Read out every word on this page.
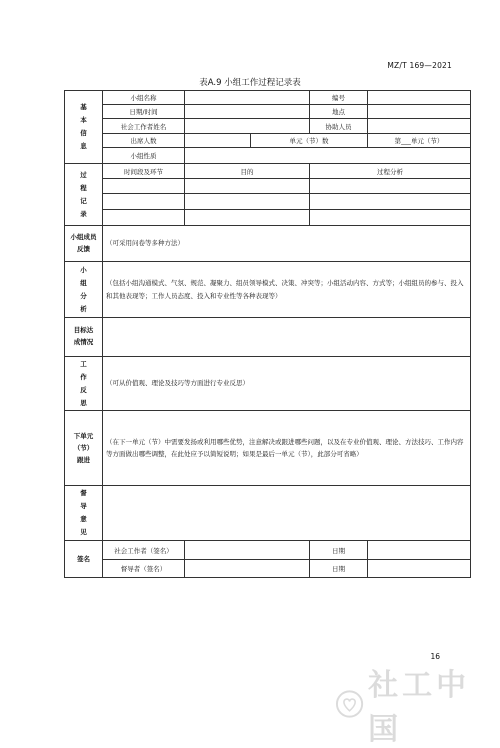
MZ/T 169—2021
表A.9 小组工作过程记录表
基本信息	小组名称			编号	
	日期/时间			地点	
	社会工作者姓名			协助人员	
	出席人数		单元（节）数		第___单元（节）
	小组性质				
过程记录	时间段及环节	目的		过程分析	

小组成员反馈	（可采用问卷等多种方法）				
小组分析	（包括小组沟通模式、气氛、规范、凝聚力、组员领导模式、决策、冲突等；小组活动内容、方式等；小组组员的参与、投入和其他表现等；工作人员态度、投入和专业性等各种表现等）				
目标达成情况					
工作反思	（可从价值观、理论及技巧等方面进行专业反思）				
下单元（节）跟进	（在下一单元（节）中需要发扬或利用哪些优势，注意解决或跟进哪些问题，以及在专业价值观、理论、方法技巧、工作内容等方面做出哪些调整，在此处应予以简短说明；如果是最后一单元（节），此部分可省略）				
督导意见					
签名	社会工作者（签名）			日期	
	督导者（签名）			日期	
16
社工中国
